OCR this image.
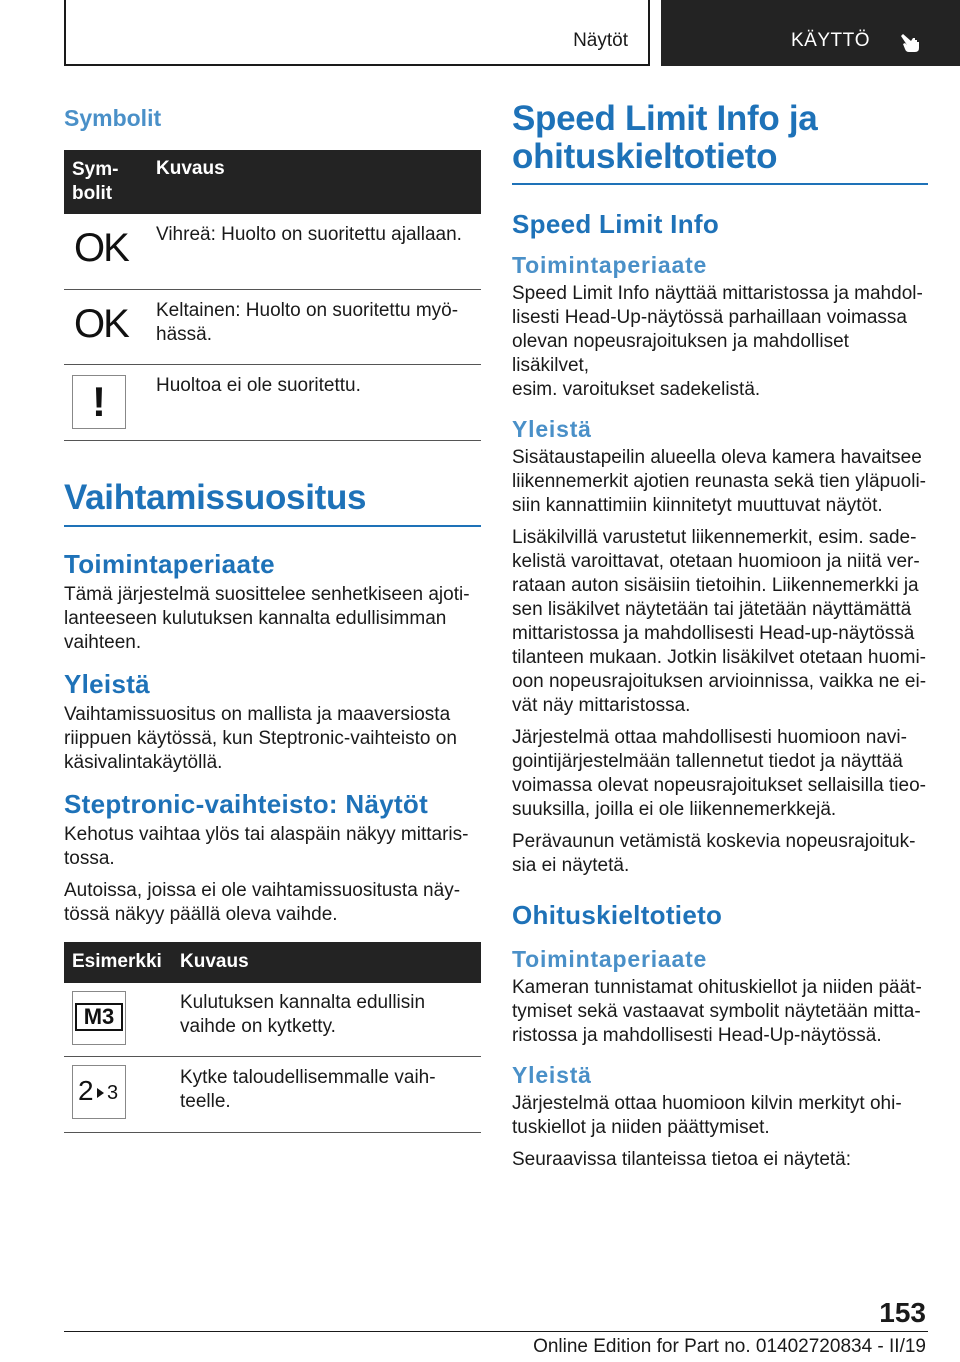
Näytöt	KÄYTTÖ
Symbolit
Sym-
bolit	Kuvaus

OK	Vihreä: Huolto on suoritettu ajallaan.

OK	Keltainen: Huolto on suoritettu myö-
hässä.

!	Huoltoa ei ole suoritettu.
Vaihtamissuositus
Toimintaperiaate

Tämä järjestelmä suosittelee senhetkiseen ajoti-
lanteeseen kulutuksen kannalta edullisimman
vaihteen.

Yleistä

Vaihtamissuositus on mallista ja maaversiosta
riippuen käytössä, kun Steptronic-vaihteisto on
käsivalintakäytöllä.

Steptronic-vaihteisto: Näytöt

Kehotus vaihtaa ylös tai alaspäin näkyy mittaris-
tossa.

Autoissa, joissa ei ole vaihtamissuositusta näy-
tössä näkyy päällä oleva vaihde.

Esimerkki	Kuvaus

M3	Kulutuksen kannalta edullisin
vaihde on kytketty.

2 3	Kytke taloudellisemmalle vaih-
teelle.
Speed Limit Info ja
ohituskieltotieto
Speed Limit Info
Toimintaperiaate

Speed Limit Info näyttää mittaristossa ja mahdol-
lisesti Head-Up-näytössä parhaillaan voimassa
olevan nopeusrajoituksen ja mahdolliset lisäkilvet,
esim. varoitukset sadekelistä.

Yleistä

Sisätaustapeilin alueella oleva kamera havaitsee
liikennemerkit ajotien reunasta sekä tien yläpuoli-
siin kannattimiin kiinnitetyt muuttuvat näytöt.

Lisäkilvillä varustetut liikennemerkit, esim. sade-
kelistä varoittavat, otetaan huomioon ja niitä ver-
rataan auton sisäisiin tietoihin. Liikennemerkki ja
sen lisäkilvet näytetään tai jätetään näyttämättä
mittaristossa ja mahdollisesti Head-up-näytössä
tilanteen mukaan. Jotkin lisäkilvet otetaan huomi-
oon nopeusrajoituksen arvioinnissa, vaikka ne ei-
vät näy mittaristossa.

Järjestelmä ottaa mahdollisesti huomioon navi-
gointijärjestelmään tallennetut tiedot ja näyttää
voimassa olevat nopeusrajoitukset sellaisilla tieo-
suuksilla, joilla ei ole liikennemerkkejä.

Perävaunun vetämistä koskevia nopeusrajoituk-
sia ei näytetä.

Ohituskieltotieto
Toimintaperiaate

Kameran tunnistamat ohituskiellot ja niiden päät-
tymiset sekä vastaavat symbolit näytetään mitta-
ristossa ja mahdollisesti Head-Up-näytössä.

Yleistä

Järjestelmä ottaa huomioon kilvin merkityt ohi-
tuskiellot ja niiden päättymiset.

Seuraavissa tilanteissa tietoa ei näytetä:

153
Online Edition for Part no. 01402720834 - II/19
